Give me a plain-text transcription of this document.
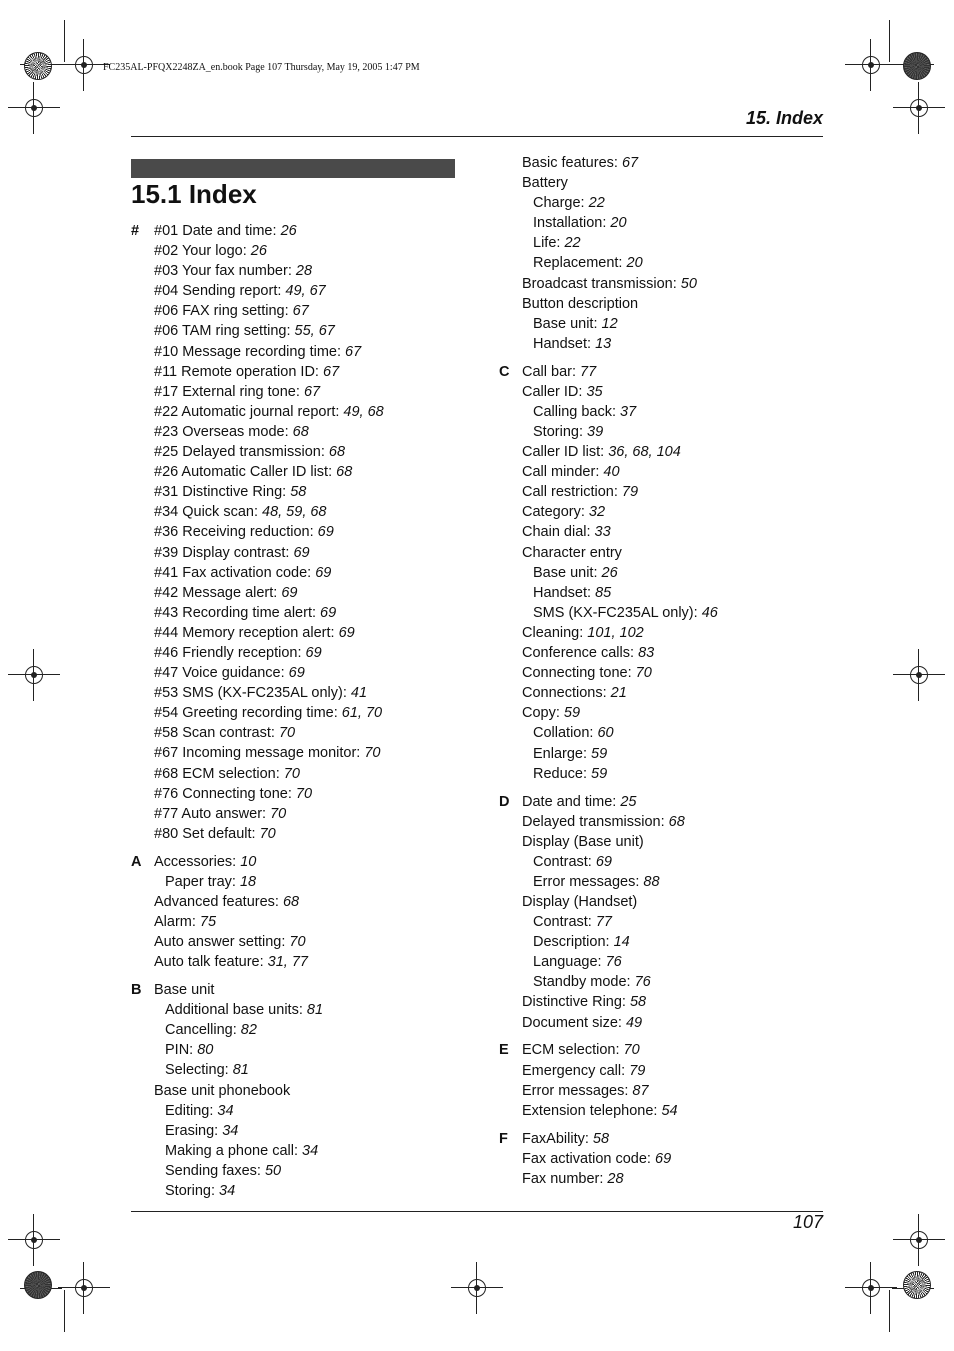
FC235AL-PFQX2248ZA_en.book Page 107 Thursday, May 19, 2005 1:47 PM
15. Index
15.1 Index
# #01 Date and time: 26
#02 Your logo: 26
#03 Your fax number: 28
#04 Sending report: 49, 67
#06 FAX ring setting: 67
#06 TAM ring setting: 55, 67
#10 Message recording time: 67
#11 Remote operation ID: 67
#17 External ring tone: 67
#22 Automatic journal report: 49, 68
#23 Overseas mode: 68
#25 Delayed transmission: 68
#26 Automatic Caller ID list: 68
#31 Distinctive Ring: 58
#34 Quick scan: 48, 59, 68
#36 Receiving reduction: 69
#39 Display contrast: 69
#41 Fax activation code: 69
#42 Message alert: 69
#43 Recording time alert: 69
#44 Memory reception alert: 69
#46 Friendly reception: 69
#47 Voice guidance: 69
#53 SMS (KX-FC235AL only): 41
#54 Greeting recording time: 61, 70
#58 Scan contrast: 70
#67 Incoming message monitor: 70
#68 ECM selection: 70
#76 Connecting tone: 70
#77 Auto answer: 70
#80 Set default: 70
A Accessories: 10
Paper tray: 18
Advanced features: 68
Alarm: 75
Auto answer setting: 70
Auto talk feature: 31, 77
B Base unit
Additional base units: 81
Cancelling: 82
PIN: 80
Selecting: 81
Base unit phonebook
Editing: 34
Erasing: 34
Making a phone call: 34
Sending faxes: 50
Storing: 34
Basic features: 67
Battery
Charge: 22
Installation: 20
Life: 22
Replacement: 20
Broadcast transmission: 50
Button description
Base unit: 12
Handset: 13
C Call bar: 77
Caller ID: 35
Calling back: 37
Storing: 39
Caller ID list: 36, 68, 104
Call minder: 40
Call restriction: 79
Category: 32
Chain dial: 33
Character entry
Base unit: 26
Handset: 85
SMS (KX-FC235AL only): 46
Cleaning: 101, 102
Conference calls: 83
Connecting tone: 70
Connections: 21
Copy: 59
Collation: 60
Enlarge: 59
Reduce: 59
D Date and time: 25
Delayed transmission: 68
Display (Base unit)
Contrast: 69
Error messages: 88
Display (Handset)
Contrast: 77
Description: 14
Language: 76
Standby mode: 76
Distinctive Ring: 58
Document size: 49
E ECM selection: 70
Emergency call: 79
Error messages: 87
Extension telephone: 54
F FaxAbility: 58
Fax activation code: 69
Fax number: 28
107
